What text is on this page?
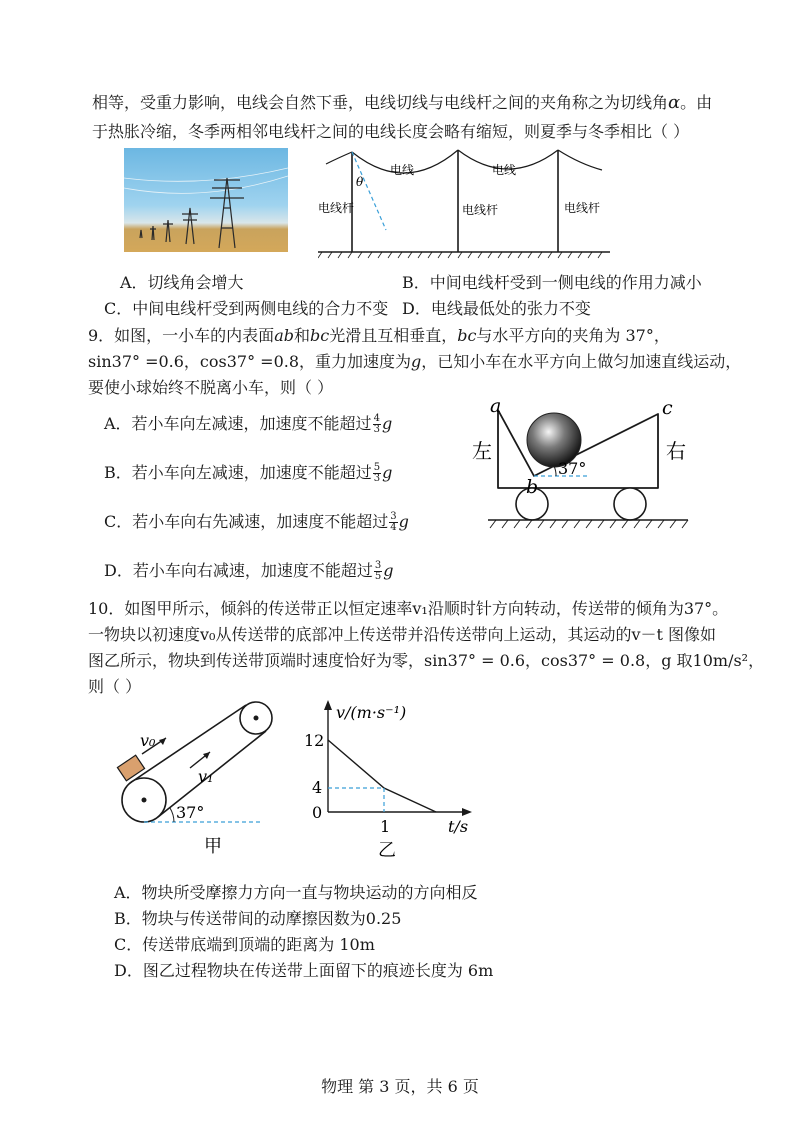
相等，受重力影响，电线会自然下垂，电线切线与电线杆之间的夹角称之为切线角α。由
于热胀冷缩，冬季两相邻电线杆之间的电线长度会略有缩短，则夏季与冬季相比（ ）
θ
电线	电线
电线杆	电线杆	电线杆
A．切线角会增大	B．中间电线杆受到一侧电线的作用力减小
C．中间电线杆受到两侧电线的合力不变 D．电线最低处的张力不变
9．如图，一小车的内表面ab和bc光滑且互相垂直，bc与水平方向的夹角为 37°，
sin37° =0.6，cos37° =0.8，重力加速度为g，已知小车在水平方向上做匀加速直线运动，
要使小球始终不脱离小车，则（ ）
A．若小车向左减速，加速度不能超过 $\frac{4}{3}$ g
B．若小车向左减速，加速度不能超过 $\frac{5}{3}$ g
C．若小车向右先减速，加速度不能超过 $\frac{3}{4}$ g
D．若小车向右减速，加速度不能超过 $\frac{3}{5}$ g
a	c
b
37°
左	右
10．如图甲所示，倾斜的传送带正以恒定速率v₁沿顺时针方向转动，传送带的倾角为37°。
一物块以初速度v₀从传送带的底部冲上传送带并沿传送带向上运动，其运动的v－t 图像如
图乙所示，物块到传送带顶端时速度恰好为零，sin37° = 0.6，cos37° = 0.8，g 取10m/s²，
则（ ）
v₀
v₁
37°
甲
v/(m·s⁻¹)
t/s
12
4
0
1
乙
A．物块所受摩擦力方向一直与物块运动的方向相反
B．物块与传送带间的动摩擦因数为0.25
C．传送带底端到顶端的距离为 10m
D．图乙过程物块在传送带上面留下的痕迹长度为 6m
物理 第 3 页，共 6 页
